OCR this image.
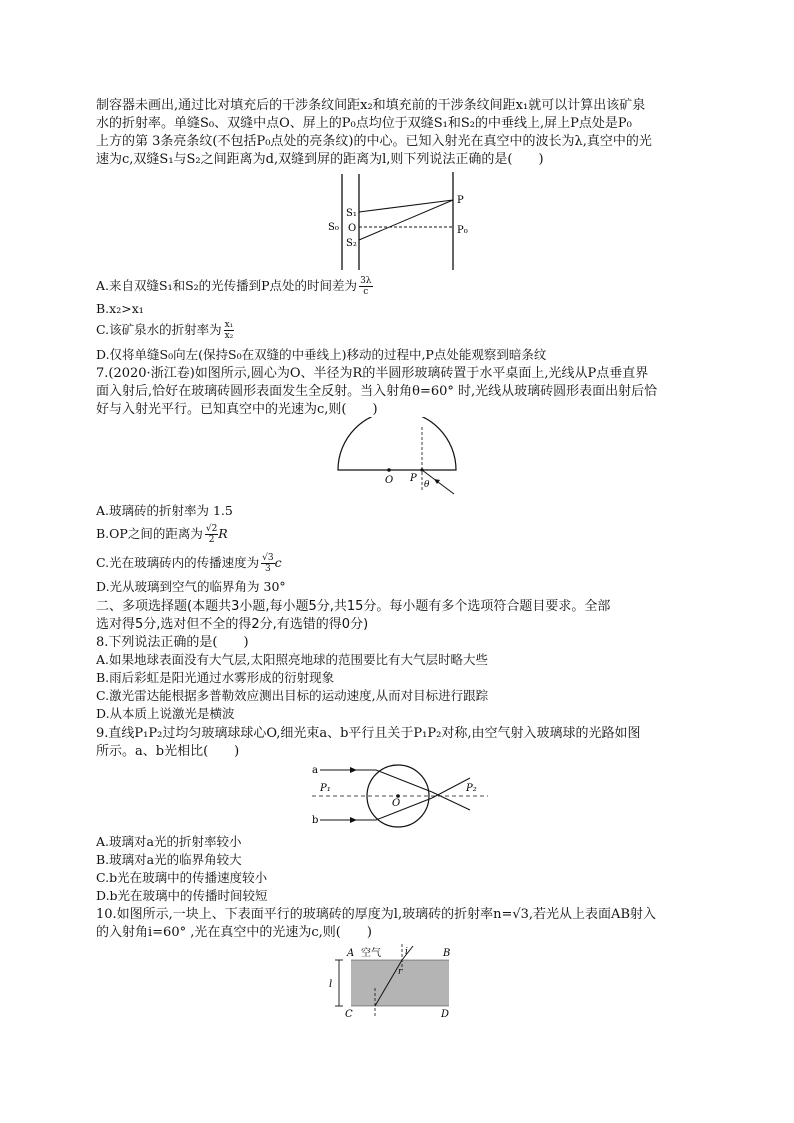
制容器未画出,通过比对填充后的干涉条纹间距x₂和填充前的干涉条纹间距x₁就可以计算出该矿泉
水的折射率。单缝S₀、双缝中点O、屏上的P₀点均位于双缝S₁和S₂的中垂线上,屏上P点处是P₀
上方的第 3条亮条纹(不包括P₀点处的亮条纹)的中心。已知入射光在真空中的波长为λ,真空中的光
速为c,双缝S₁与S₂之间距离为d,双缝到屏的距离为l,则下列说法正确的是(　　)
S₀
S₁
O
S₂
P
P₀
A.来自双缝S₁和S₂的光传播到P点处的时间差为 $\frac{3\lambda}{c}$
B.x₂>x₁
C.该矿泉水的折射率为 $\frac{\text{x₁}}{\text{x₂}}$
D.仅将单缝S₀向左(保持S₀在双缝的中垂线上)移动的过程中,P点处能观察到暗条纹
7.(2020·浙江卷)如图所示,圆心为O、半径为R的半圆形玻璃砖置于水平桌面上,光线从P点垂直界
面入射后,恰好在玻璃砖圆形表面发生全反射。当入射角θ=60° 时,光线从玻璃砖圆形表面出射后恰
好与入射光平行。已知真空中的光速为c,则(　　)
O P
θ
A.玻璃砖的折射率为 1.5
B.OP之间的距离为 $\frac{√2}{2}$ R
C.光在玻璃砖内的传播速度为 $\frac{√3}{3}$ c
D.光从玻璃到空气的临界角为 30°
二、多项选择题(本题共3小题,每小题5分,共15分。每小题有多个选项符合题目要求。全部
选对得5分,选对但不全的得2分,有选错的得0分)
8.下列说法正确的是(　　)
A.如果地球表面没有大气层,太阳照亮地球的范围要比有大气层时略大些
B.雨后彩虹是阳光通过水雾形成的衍射现象
C.激光雷达能根据多普勒效应测出目标的运动速度,从而对目标进行跟踪
D.从本质上说激光是横波
9.直线P₁P₂过均匀玻璃球球心O,细光束a、b平行且关于P₁P₂对称,由空气射入玻璃球的光路如图
所示。a、b光相比(　　)
a
b
P₁	P₂
O
A.玻璃对a光的折射率较小
B.玻璃对a光的临界角较大
C.b光在玻璃中的传播速度较小
D.b光在玻璃中的传播时间较短
10.如图所示,一块上、下表面平行的玻璃砖的厚度为l,玻璃砖的折射率n=√3,若光从上表面AB射入
的入射角i=60° ,光在真空中的光速为c,则(　　)
A 空气	i
r
B
l
C	D
